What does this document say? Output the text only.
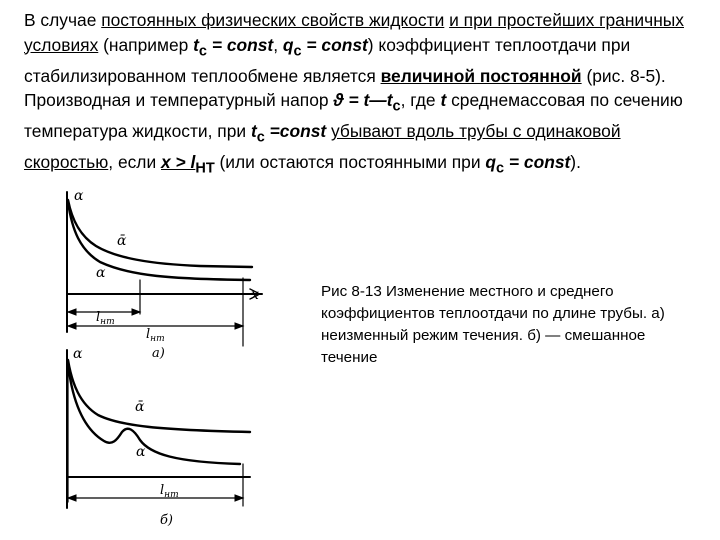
В случае постоянных физических свойств жидкости и при простейших граничных условиях (например $t_c$ = const, $q_c$ = const) коэффициент теплоотдачи при стабилизированном теплообмене является величиной постоянной (рис. 8-5). Производная и температурный напор $ϑ = t—t_c$, где t среднемассовая по сечению температура жидкости, при $t_c$ =const убывают вдоль трубы с одинаковой скоростью, если $x > l_{НТ}$ (или остаются постоянными при $q_c$ = const).

Рис 8-13 Изменение местного и среднего коэффициентов теплоотдачи по длине трубы. а) неизменный режим течения. б) — смешанное течение

α
ᾱ
α
x
$l_{нт}$
$l_{нт}$
а)
α
ᾱ
α
$l_{нт}$
б)
